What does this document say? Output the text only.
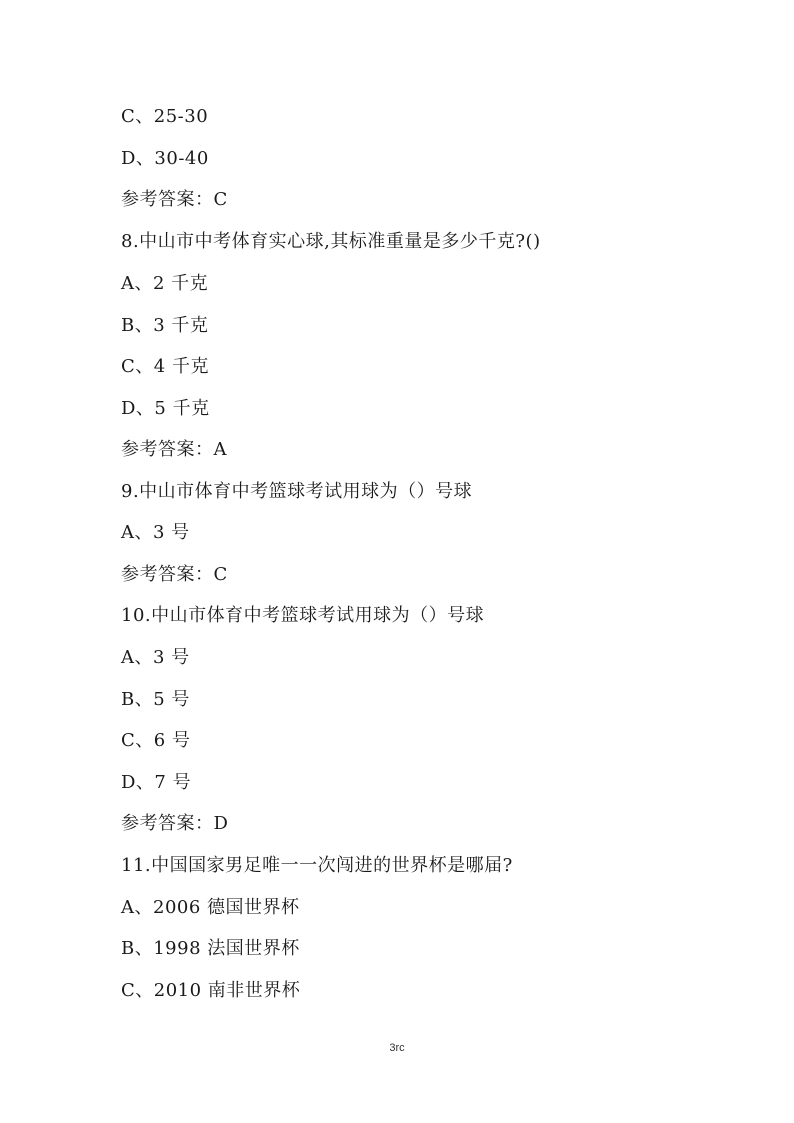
C、25-30
D、30-40
参考答案：C
8.中山市中考体育实心球,其标准重量是多少千克?()
A、2 千克
B、3 千克
C、4 千克
D、5 千克
参考答案：A
9.中山市体育中考篮球考试用球为（）号球
A、3 号
参考答案：C
10.中山市体育中考篮球考试用球为（）号球
A、3 号
B、5 号
C、6 号
D、7 号
参考答案：D
11.中国国家男足唯一一次闯进的世界杯是哪届?
A、2006 德国世界杯
B、1998 法国世界杯
C、2010 南非世界杯
3rc
